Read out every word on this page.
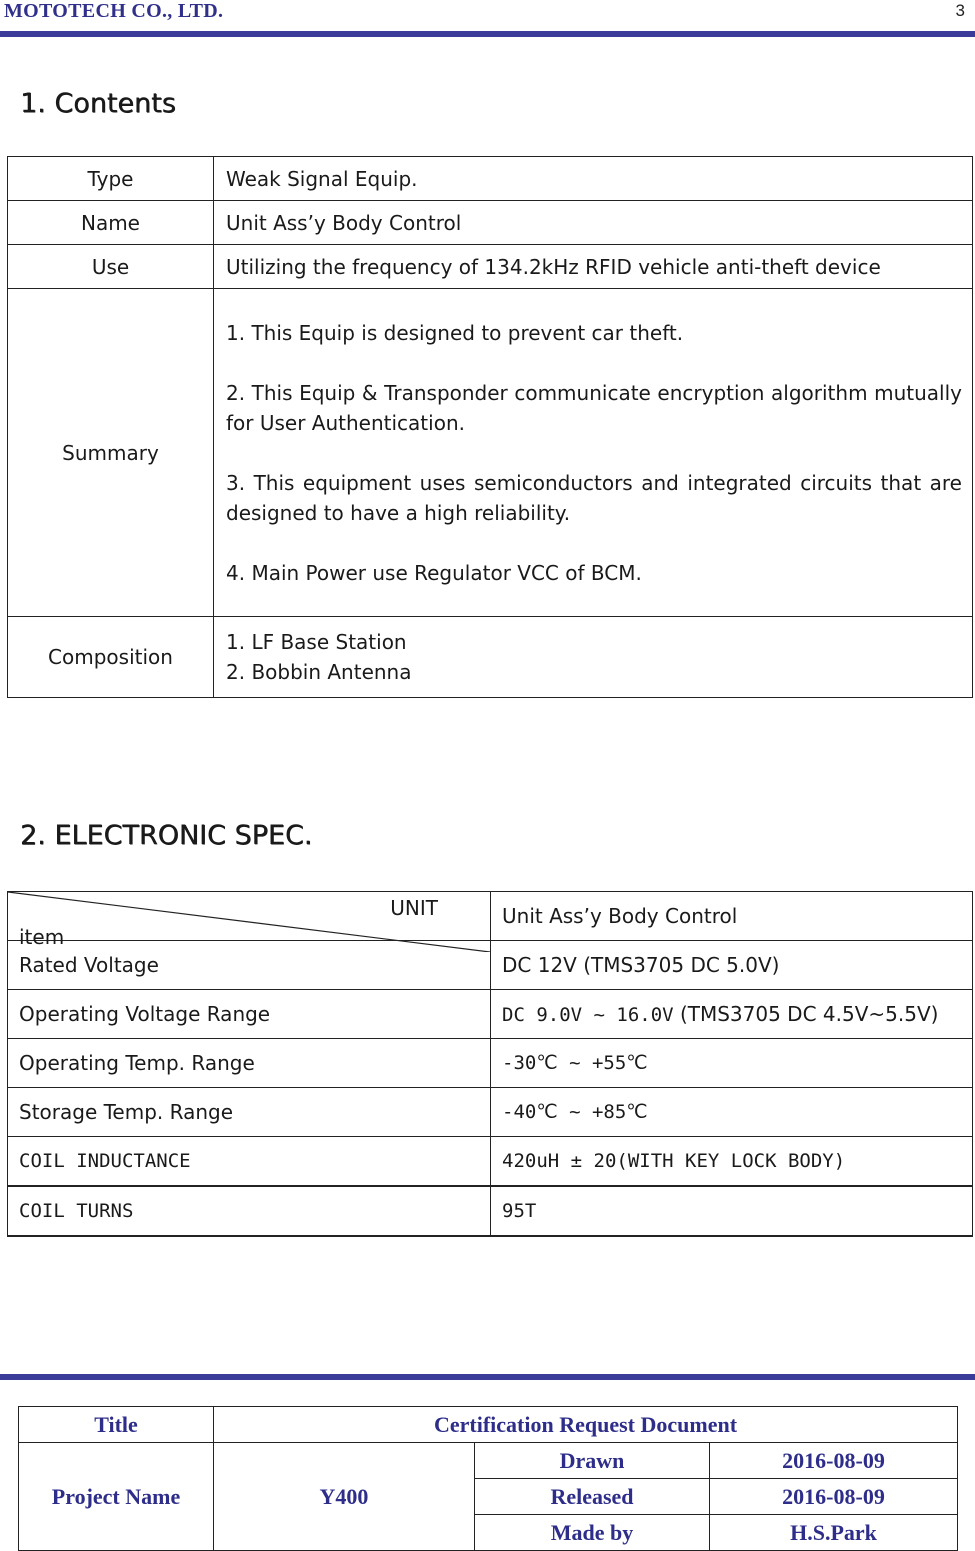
MOTOTECH CO., LTD.	3
1. Contents
Type	Weak Signal Equip.
Name	Unit Ass’y Body Control
Use	Utilizing the frequency of 134.2kHz RFID vehicle anti-theft device
Summary	1. This Equip is designed to prevent car theft.

2. This Equip & Transponder communicate encryption algorithm mutually for User Authentication.

3. This equipment uses semiconductors and integrated circuits that are designed to have a high reliability.

4. Main Power use Regulator VCC of BCM.

Composition	1. LF Base Station
2. Bobbin Antenna
2. ELECTRONIC SPEC.
UNIT
item	Unit Ass’y Body Control
Rated Voltage	DC 12V (TMS3705 DC 5.0V)
Operating Voltage Range	DC 9.0V ~ 16.0V (TMS3705 DC 4.5V~5.5V)
Operating Temp. Range	-30℃ ~ +55℃
Storage Temp. Range	-40℃ ~ +85℃
COIL INDUCTANCE	420uH ± 20(WITH KEY LOCK BODY)
COIL TURNS	95T
Title	Certification Request Document		
Project Name	Y400	Drawn	2016-08-09
		Released	2016-08-09
		Made by	H.S.Park
